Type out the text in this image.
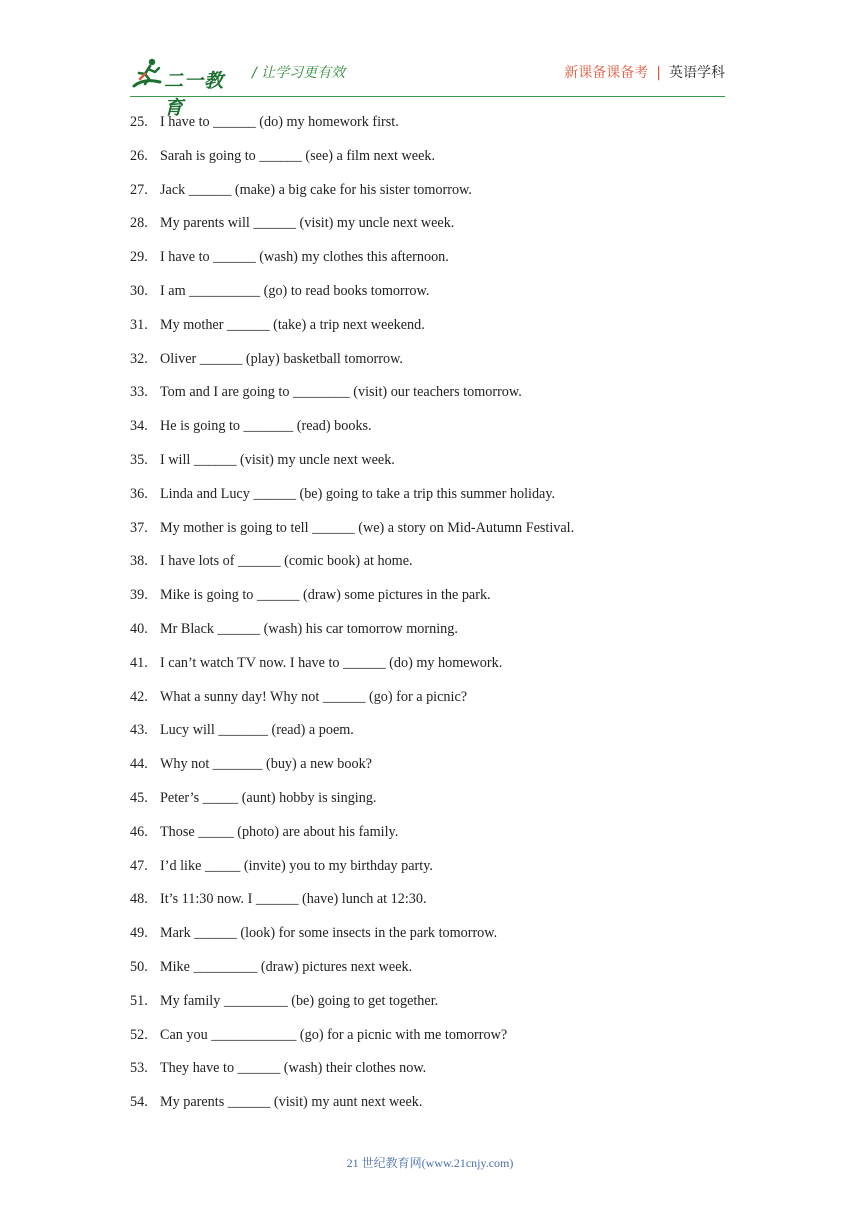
二一教育
/ 让学习更有效	新课备课备考 | 英语学科
25. I have to ______ (do) my homework first.
26. Sarah is going to ______ (see) a film next week.
27. Jack ______ (make) a big cake for his sister tomorrow.
28. My parents will ______ (visit) my uncle next week.
29. I have to ______ (wash) my clothes this afternoon.
30. I am __________ (go) to read books tomorrow.
31. My mother ______ (take) a trip next weekend.
32. Oliver ______ (play) basketball tomorrow.
33. Tom and I are going to ________ (visit) our teachers tomorrow.
34. He is going to _______ (read) books.
35. I will ______ (visit) my uncle next week.
36. Linda and Lucy ______ (be) going to take a trip this summer holiday.
37. My mother is going to tell ______ (we) a story on Mid-Autumn Festival.
38. I have lots of ______ (comic book) at home.
39. Mike is going to ______ (draw) some pictures in the park.
40. Mr Black ______ (wash) his car tomorrow morning.
41. I can’t watch TV now. I have to ______ (do) my homework.
42. What a sunny day! Why not ______ (go) for a picnic?
43. Lucy will _______ (read) a poem.
44. Why not _______ (buy) a new book?
45. Peter’s _____ (aunt) hobby is singing.
46. Those _____ (photo) are about his family.
47. I’d like _____ (invite) you to my birthday party.
48. It’s 11:30 now. I ______ (have) lunch at 12:30.
49. Mark ______ (look) for some insects in the park tomorrow.
50. Mike _________ (draw) pictures next week.
51. My family _________ (be) going to get together.
52. Can you ____________ (go) for a picnic with me tomorrow?
53. They have to ______ (wash) their clothes now.
54. My parents ______ (visit) my aunt next week.
21 世纪教育网(www.21cnjy.com)
